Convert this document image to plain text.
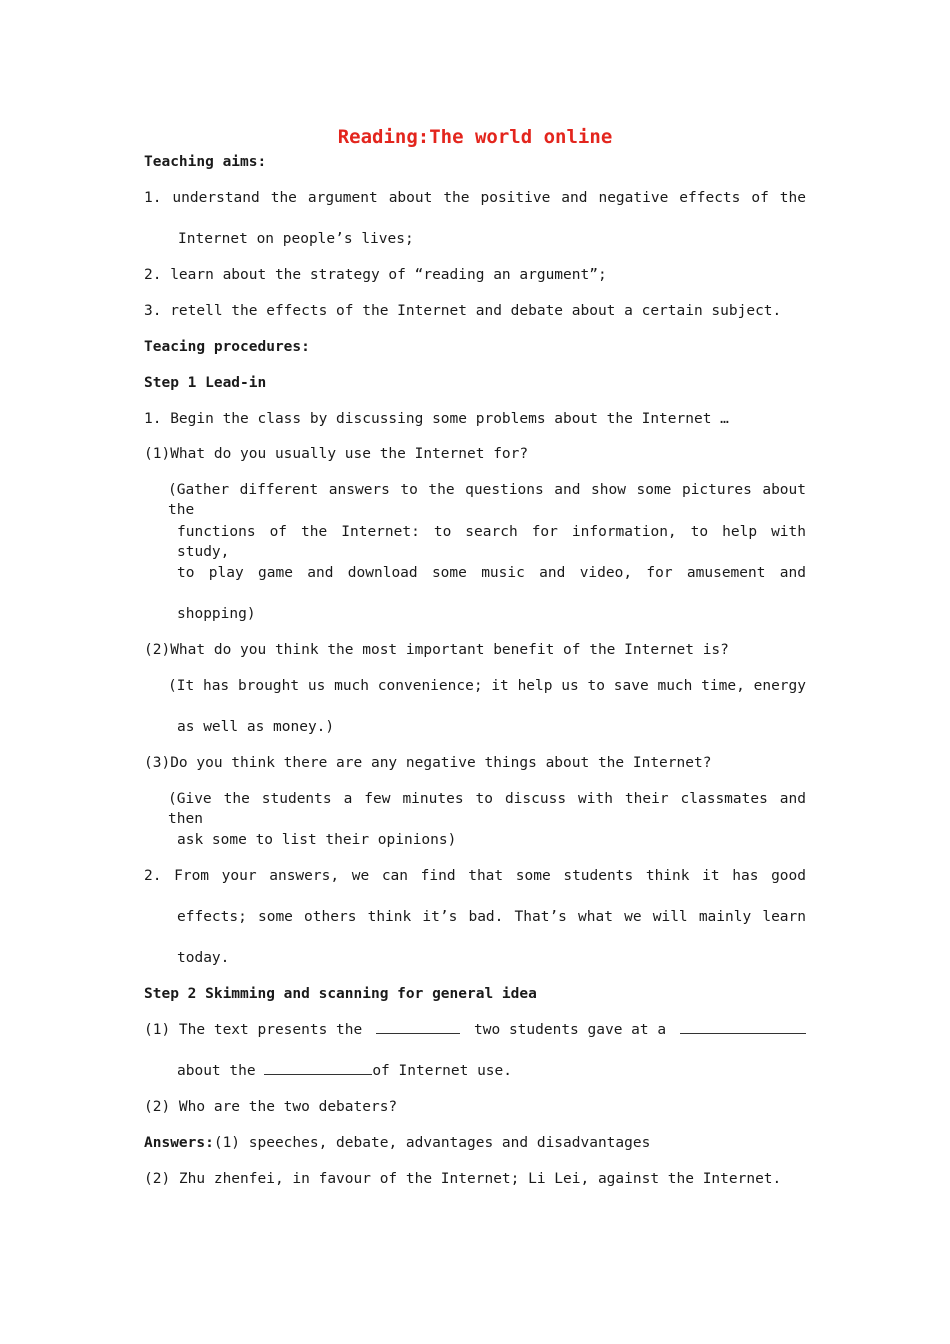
Reading:The world online
Teaching aims:
1. understand the argument about the positive and negative effects of the
Internet on people’s lives;
2. learn about the strategy of “reading an argument”;
3. retell the effects of the Internet and debate about a certain subject.
Teacing procedures:
Step 1 Lead-in
1. Begin the class by discussing some problems about the Internet …
(1)What do you usually use the Internet for?
(Gather different answers to the questions and show some pictures about the
functions of the Internet: to search for information, to help with study,
to play game and download some music and video, for amusement and
shopping)
(2)What do you think the most important benefit of the Internet is?
(It has brought us much convenience; it help us to save much time, energy
as well as money.)
(3)Do you think there are any negative things about the Internet?
(Give the students a few minutes to discuss with their classmates and then
ask some to list their opinions)
2. From your answers, we can find that some students think it has good
effects; some others think it’s bad. That’s what we will mainly learn
today.
Step 2 Skimming and scanning for general idea
(1) The text presents the	two students gave at a
about the	of Internet use.
(2) Who are the two debaters?
Answers:(1) speeches, debate, advantages and disadvantages
(2) Zhu zhenfei, in favour of the Internet; Li Lei, against the Internet.
